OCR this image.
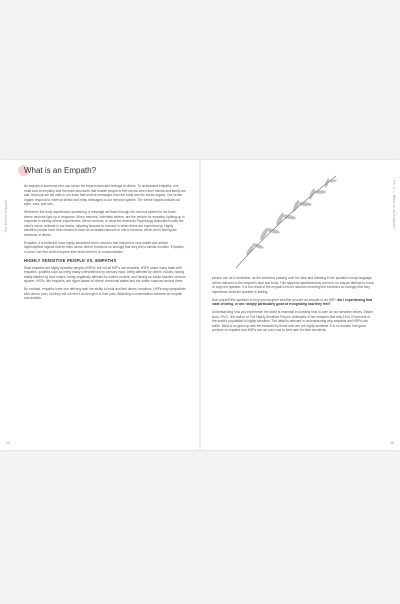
The Gentle Empath	Ch. 1 — What Is an Empath?
What is an Empath?

An empath is someone who can sense the experiences and feelings of others. To understand empaths, one must look at empathy and the brain structures that enable people to feel sorrow when their friends and family are sad. Neurons are the cells in our brain that receive messages from the body and the sense organs. Our sense organs respond to external stimuli and relay messages to our nervous system. The sense organs include our eyes, ears, and skin.

Whenever the body experiences something, a message will flash through the nervous system to the brain, where neurons light up in response. Mirror neurons, scientists believe, are the vehicle for empathy, lighting up in response to seeing others' experiences. Mirror neurons, or what the American Psychology Association calls the mind's mirror, activate in our brains, allowing humans to connect to what others are experiencing. Highly sensitive people have been shown to have an increased amount of mirror neurons, which aid in feeling the emotions of others.

Empaths, it is believed, have highly advanced mirror neurons that respond to very subtle and almost imperceptible signals that let them sense others' emotions so strongly that they feel a similar emotion. Empaths, in short, can feel what everyone else feels before it is communicated.

HIGHLY SENSITIVE PEOPLE VS. EMPATHS

Most empaths are highly sensitive people (HSPs), but not all HSPs are empaths. HSPs share many traits with empaths, qualities such as being easily overwhelmed by sensory input, being affected by others' moods, having easily startled by loud noises, being negatively affected by violent content, and having an easily frazzled nervous system. HSPs, like empaths, are hyper-aware of others' emotional states and the subtle nuances around them.

By contrast, empaths have one defining trait: the ability to intuit and feel others' emotions. HSPs may sympathize with others' pain, but they will not feel it as though it is their pain. Watching a conversation between an empath and another

person can be a revelation, as the emotions passing over the face and showing in the speaker's body language will be mirrored in the empath's face and body. This happens spontaneously and is in no way an attempt to mock or copy the speaker. It is the result of the empath's mirror neurons receiving the emotions so strongly that they experience what the speaker is feeling.

Ask yourself this question to help you decipher whether you are an empath or an HSP: Am I experiencing that state of being, or am I simply particularly good at recognizing how they feel?

Understanding how you experience the world is essential in knowing how to care for our sensitive selves. Elaine Aron, Ph.D., the author of The Highly Sensitive Person, estimates in her research that only 15 to 20 percent of the world's population is highly sensitive. The detail is relevant in understanding why empaths and HSPs can suffer. Most of us grew up with life modeled by those who are not highly sensitive. It is no wonder that good portions of empaths and HSPs are not sure how to best care for their sensitivity.

14	15
